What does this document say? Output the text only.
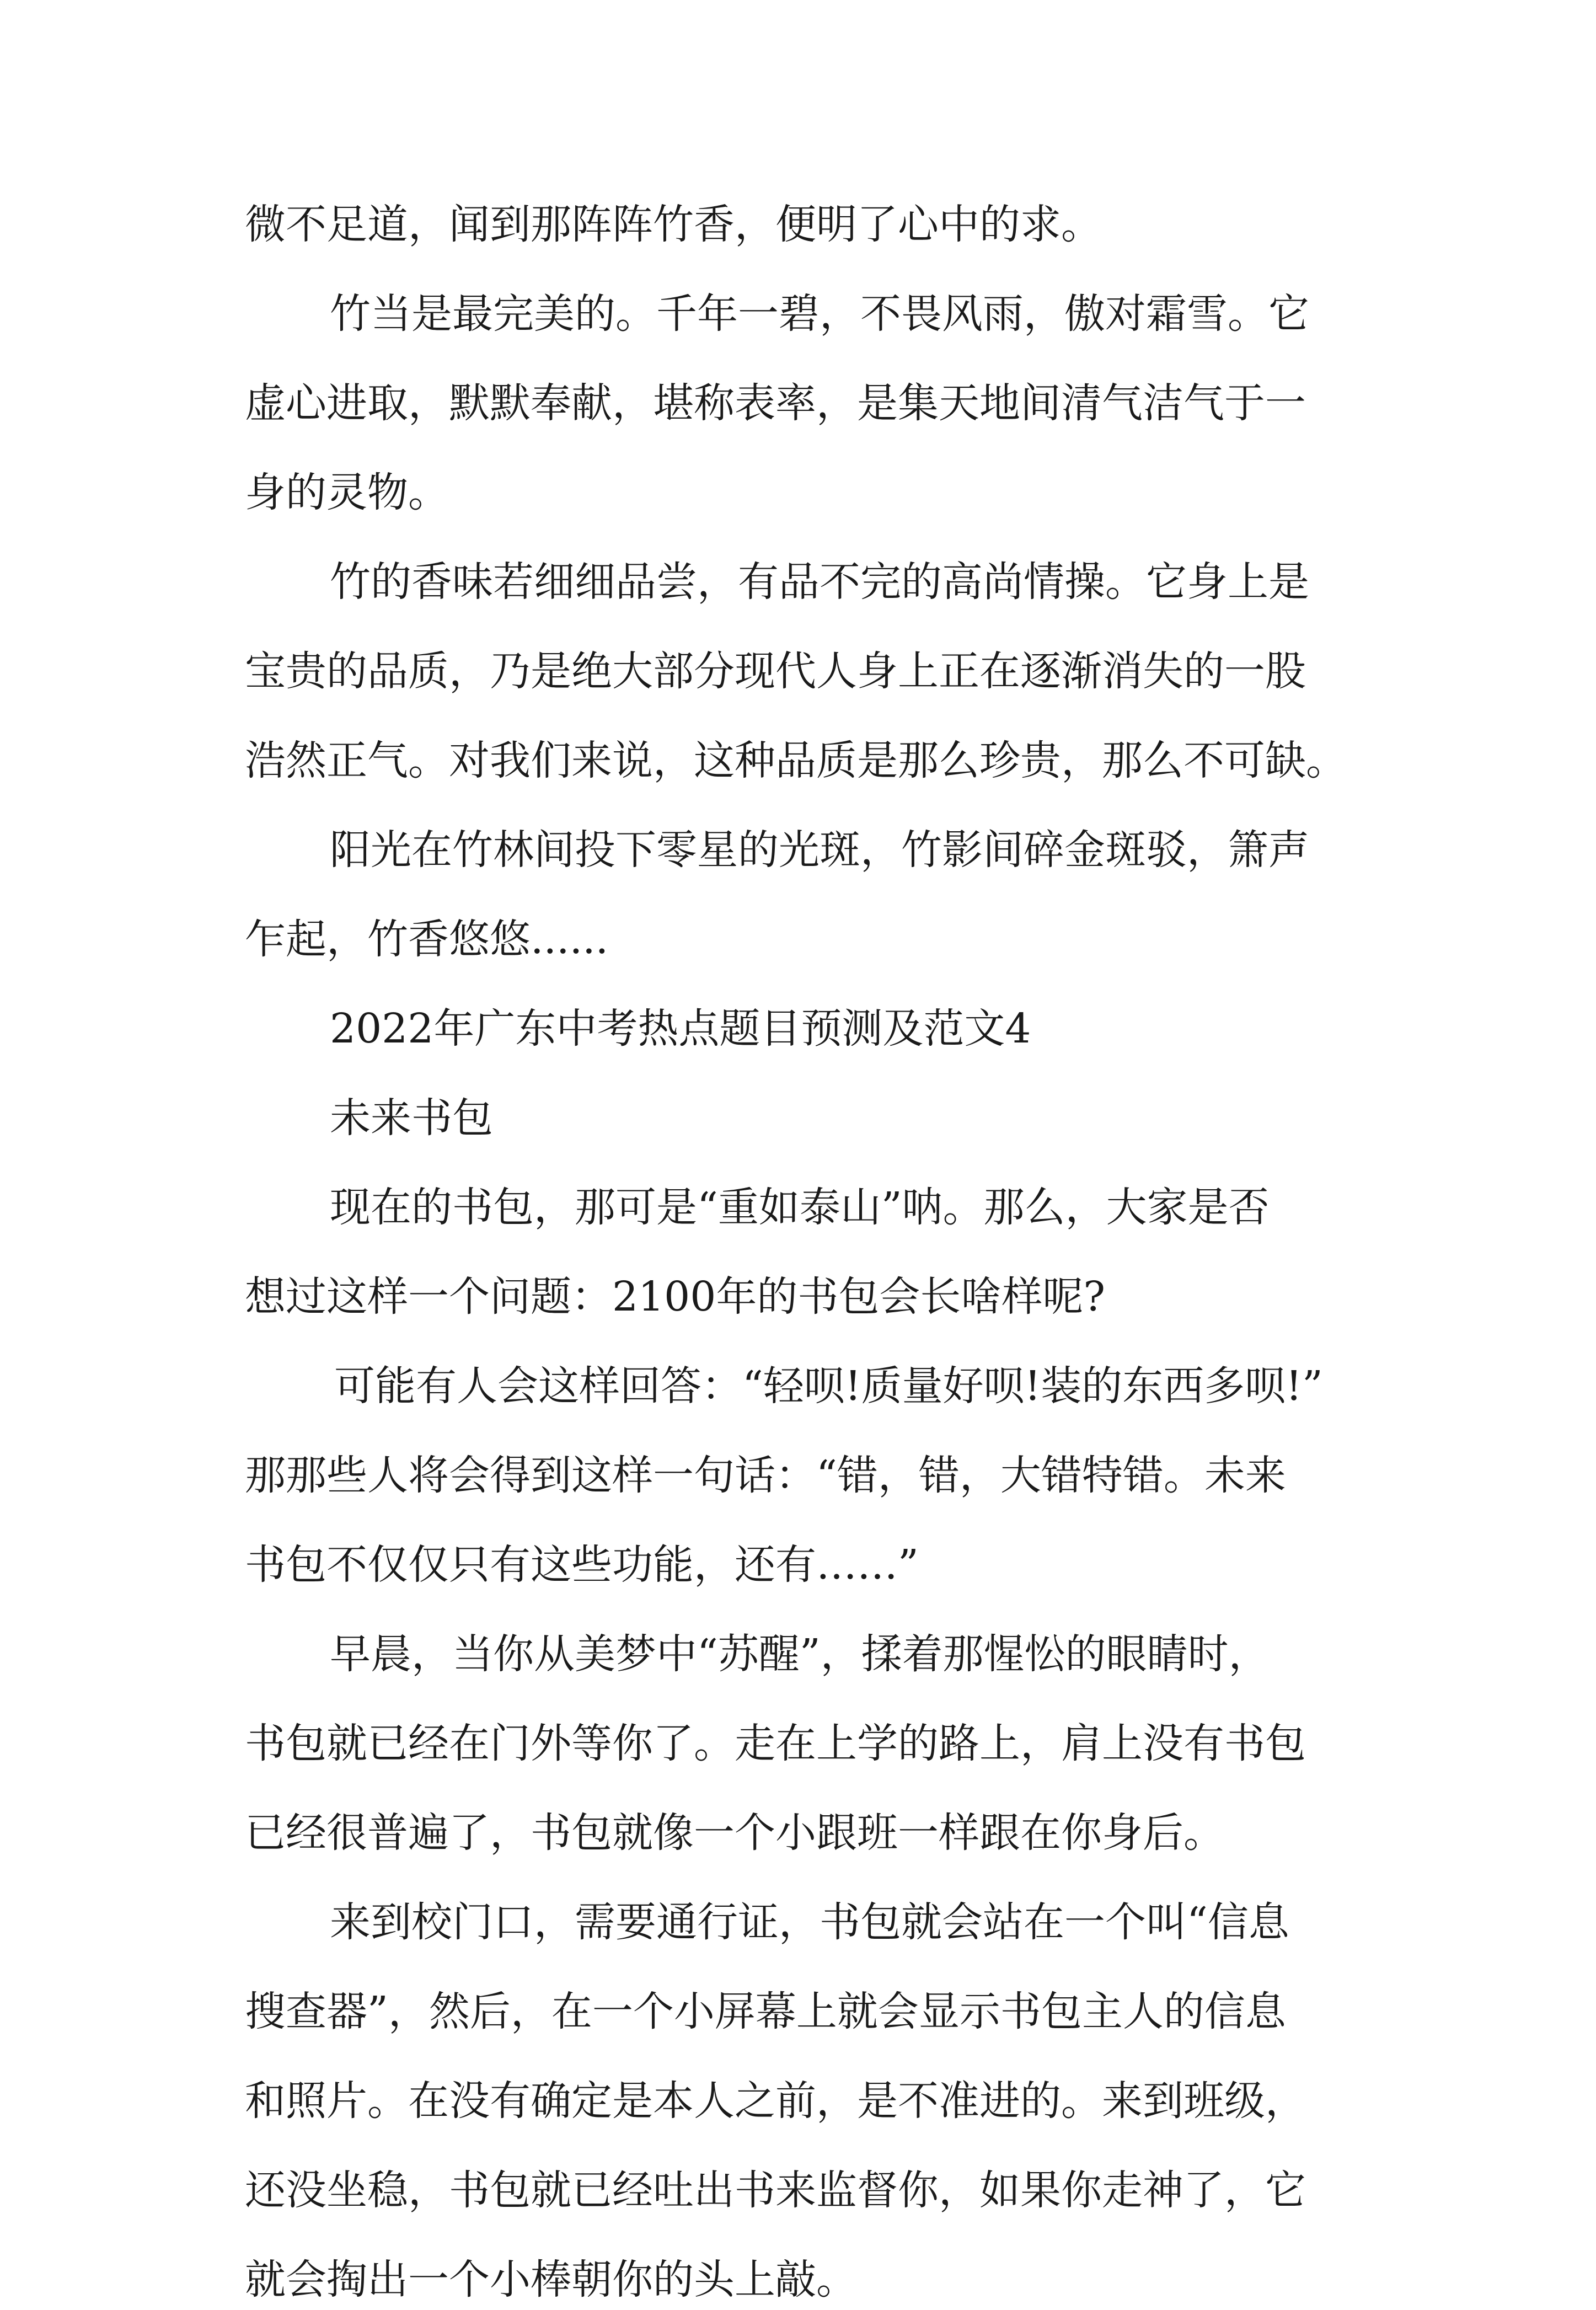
微不足道，闻到那阵阵竹香，便明了心中的求。
竹当是最完美的。千年一碧，不畏风雨，傲对霜雪。它
虚心进取，默默奉献，堪称表率，是集天地间清气洁气于一
身的灵物。
竹的香味若细细品尝，有品不完的高尚情操。它身上是
宝贵的品质，乃是绝大部分现代人身上正在逐渐消失的一股
浩然正气。对我们来说，这种品质是那么珍贵，那么不可缺。
阳光在竹林间投下零星的光斑，竹影间碎金斑驳，箫声
乍起，竹香悠悠......
2022年广东中考热点题目预测及范文4
未来书包
现在的书包，那可是“重如泰山”呐。那么，大家是否
想过这样一个问题：2100年的书包会长啥样呢?
可能有人会这样回答：“轻呗!质量好呗!装的东西多呗!”
那那些人将会得到这样一句话：“错，错，大错特错。未来
书包不仅仅只有这些功能，还有……”
早晨，当你从美梦中“苏醒”，揉着那惺忪的眼睛时，
书包就已经在门外等你了。走在上学的路上，肩上没有书包
已经很普遍了，书包就像一个小跟班一样跟在你身后。
来到校门口，需要通行证，书包就会站在一个叫“信息
搜查器”，然后，在一个小屏幕上就会显示书包主人的信息
和照片。在没有确定是本人之前，是不准进的。来到班级，
还没坐稳，书包就已经吐出书来监督你，如果你走神了，它
就会掏出一个小棒朝你的头上敲。
